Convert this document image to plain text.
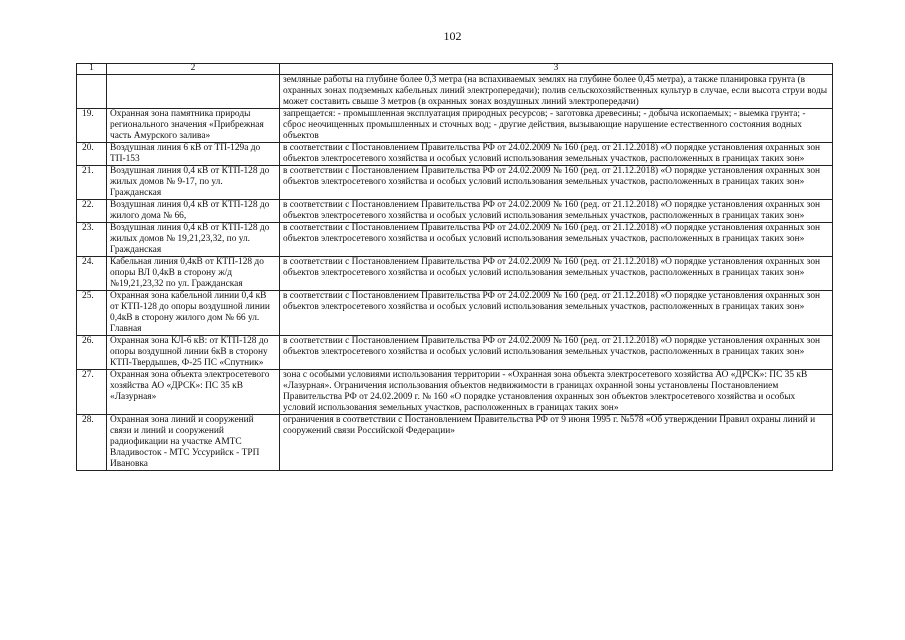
102
1	2	3
		земляные работы на глубине более 0,3 метра (на вспахиваемых землях на глубине более 0,45 метра), а также планировка грунта (в охранных зонах подземных кабельных линий электропередачи); полив сельскохозяйственных культур в случае, если высота струи воды может составить свыше 3 метров (в охранных зонах воздушных линий электропередачи)
19.	Охранная зона памятника природы регионального значения «Прибрежная часть Амурского залива»	запрещается: - промышленная эксплуатация природных ресурсов; - заготовка древесины; - добыча ископаемых; - выемка грунта; - сброс неочищенных промышленных и сточных вод; - другие действия, вызывающие нарушение естественного состояния водных объектов
20.	Воздушная линия 6 кВ от ТП-129а до ТП-153	в соответствии с Постановлением Правительства РФ от 24.02.2009 № 160 (ред. от 21.12.2018) «О порядке установления охранных зон объектов электросетевого хозяйства и особых условий использования земельных участков, расположенных в границах таких зон»
21.	Воздушная линия 0,4 кВ от КТП-128 до жилых домов № 9-17, по ул. Гражданская	в соответствии с Постановлением Правительства РФ от 24.02.2009 № 160 (ред. от 21.12.2018) «О порядке установления охранных зон объектов электросетевого хозяйства и особых условий использования земельных участков, расположенных в границах таких зон»
22.	Воздушная линия 0,4 кВ от КТП-128 до жилого дома № 66,	в соответствии с Постановлением Правительства РФ от 24.02.2009 № 160 (ред. от 21.12.2018) «О порядке установления охранных зон объектов электросетевого хозяйства и особых условий использования земельных участков, расположенных в границах таких зон»
23.	Воздушная линия 0,4 кВ от КТП-128 до жилых домов № 19,21,23,32, по ул. Гражданская	в соответствии с Постановлением Правительства РФ от 24.02.2009 № 160 (ред. от 21.12.2018) «О порядке установления охранных зон объектов электросетевого хозяйства и особых условий использования земельных участков, расположенных в границах таких зон»
24.	Кабельная линия 0,4кВ от КТП-128 до опоры ВЛ 0,4кВ в сторону ж/д №19,21,23,32 по ул. Гражданская	в соответствии с Постановлением Правительства РФ от 24.02.2009 № 160 (ред. от 21.12.2018) «О порядке установления охранных зон объектов электросетевого хозяйства и особых условий использования земельных участков, расположенных в границах таких зон»
25.	Охранная зона кабельной линии 0,4 кВ от КТП-128 до опоры воздушной линии 0,4кВ в сторону жилого дом № 66 ул. Главная	в соответствии с Постановлением Правительства РФ от 24.02.2009 № 160 (ред. от 21.12.2018) «О порядке установления охранных зон объектов электросетевого хозяйства и особых условий использования земельных участков, расположенных в границах таких зон»
26.	Охранная зона КЛ-6 кВ: от КТП-128 до опоры воздушной линии 6кВ в сторону КТП-Твердышев, Ф-25 ПС «Спутник»	в соответствии с Постановлением Правительства РФ от 24.02.2009 № 160 (ред. от 21.12.2018) «О порядке установления охранных зон объектов электросетевого хозяйства и особых условий использования земельных участков, расположенных в границах таких зон»
27.	Охранная зона объекта электросетевого хозяйства АО «ДРСК»: ПС 35 кВ «Лазурная»	зона с особыми условиями использования территории - «Охранная зона объекта электросетевого хозяйства АО «ДРСК»: ПС 35 кВ «Лазурная». Ограничения использования объектов недвижимости в границах охранной зоны установлены Постановлением Правительства РФ от 24.02.2009 г. № 160 «О порядке установления охранных зон объектов электросетевого хозяйства и особых условий использования земельных участков, расположенных в границах таких зон»
28.	Охранная зона линий и сооружений связи и линий и сооружений радиофикации на участке АМТС Владивосток - МТС Уссурийск - ТРП Ивановка	ограничения в соответствии с Постановлением Правительства РФ от 9 июня 1995 г. №578 «Об утверждении Правил охраны линий и сооружений связи Российской Федерации»
